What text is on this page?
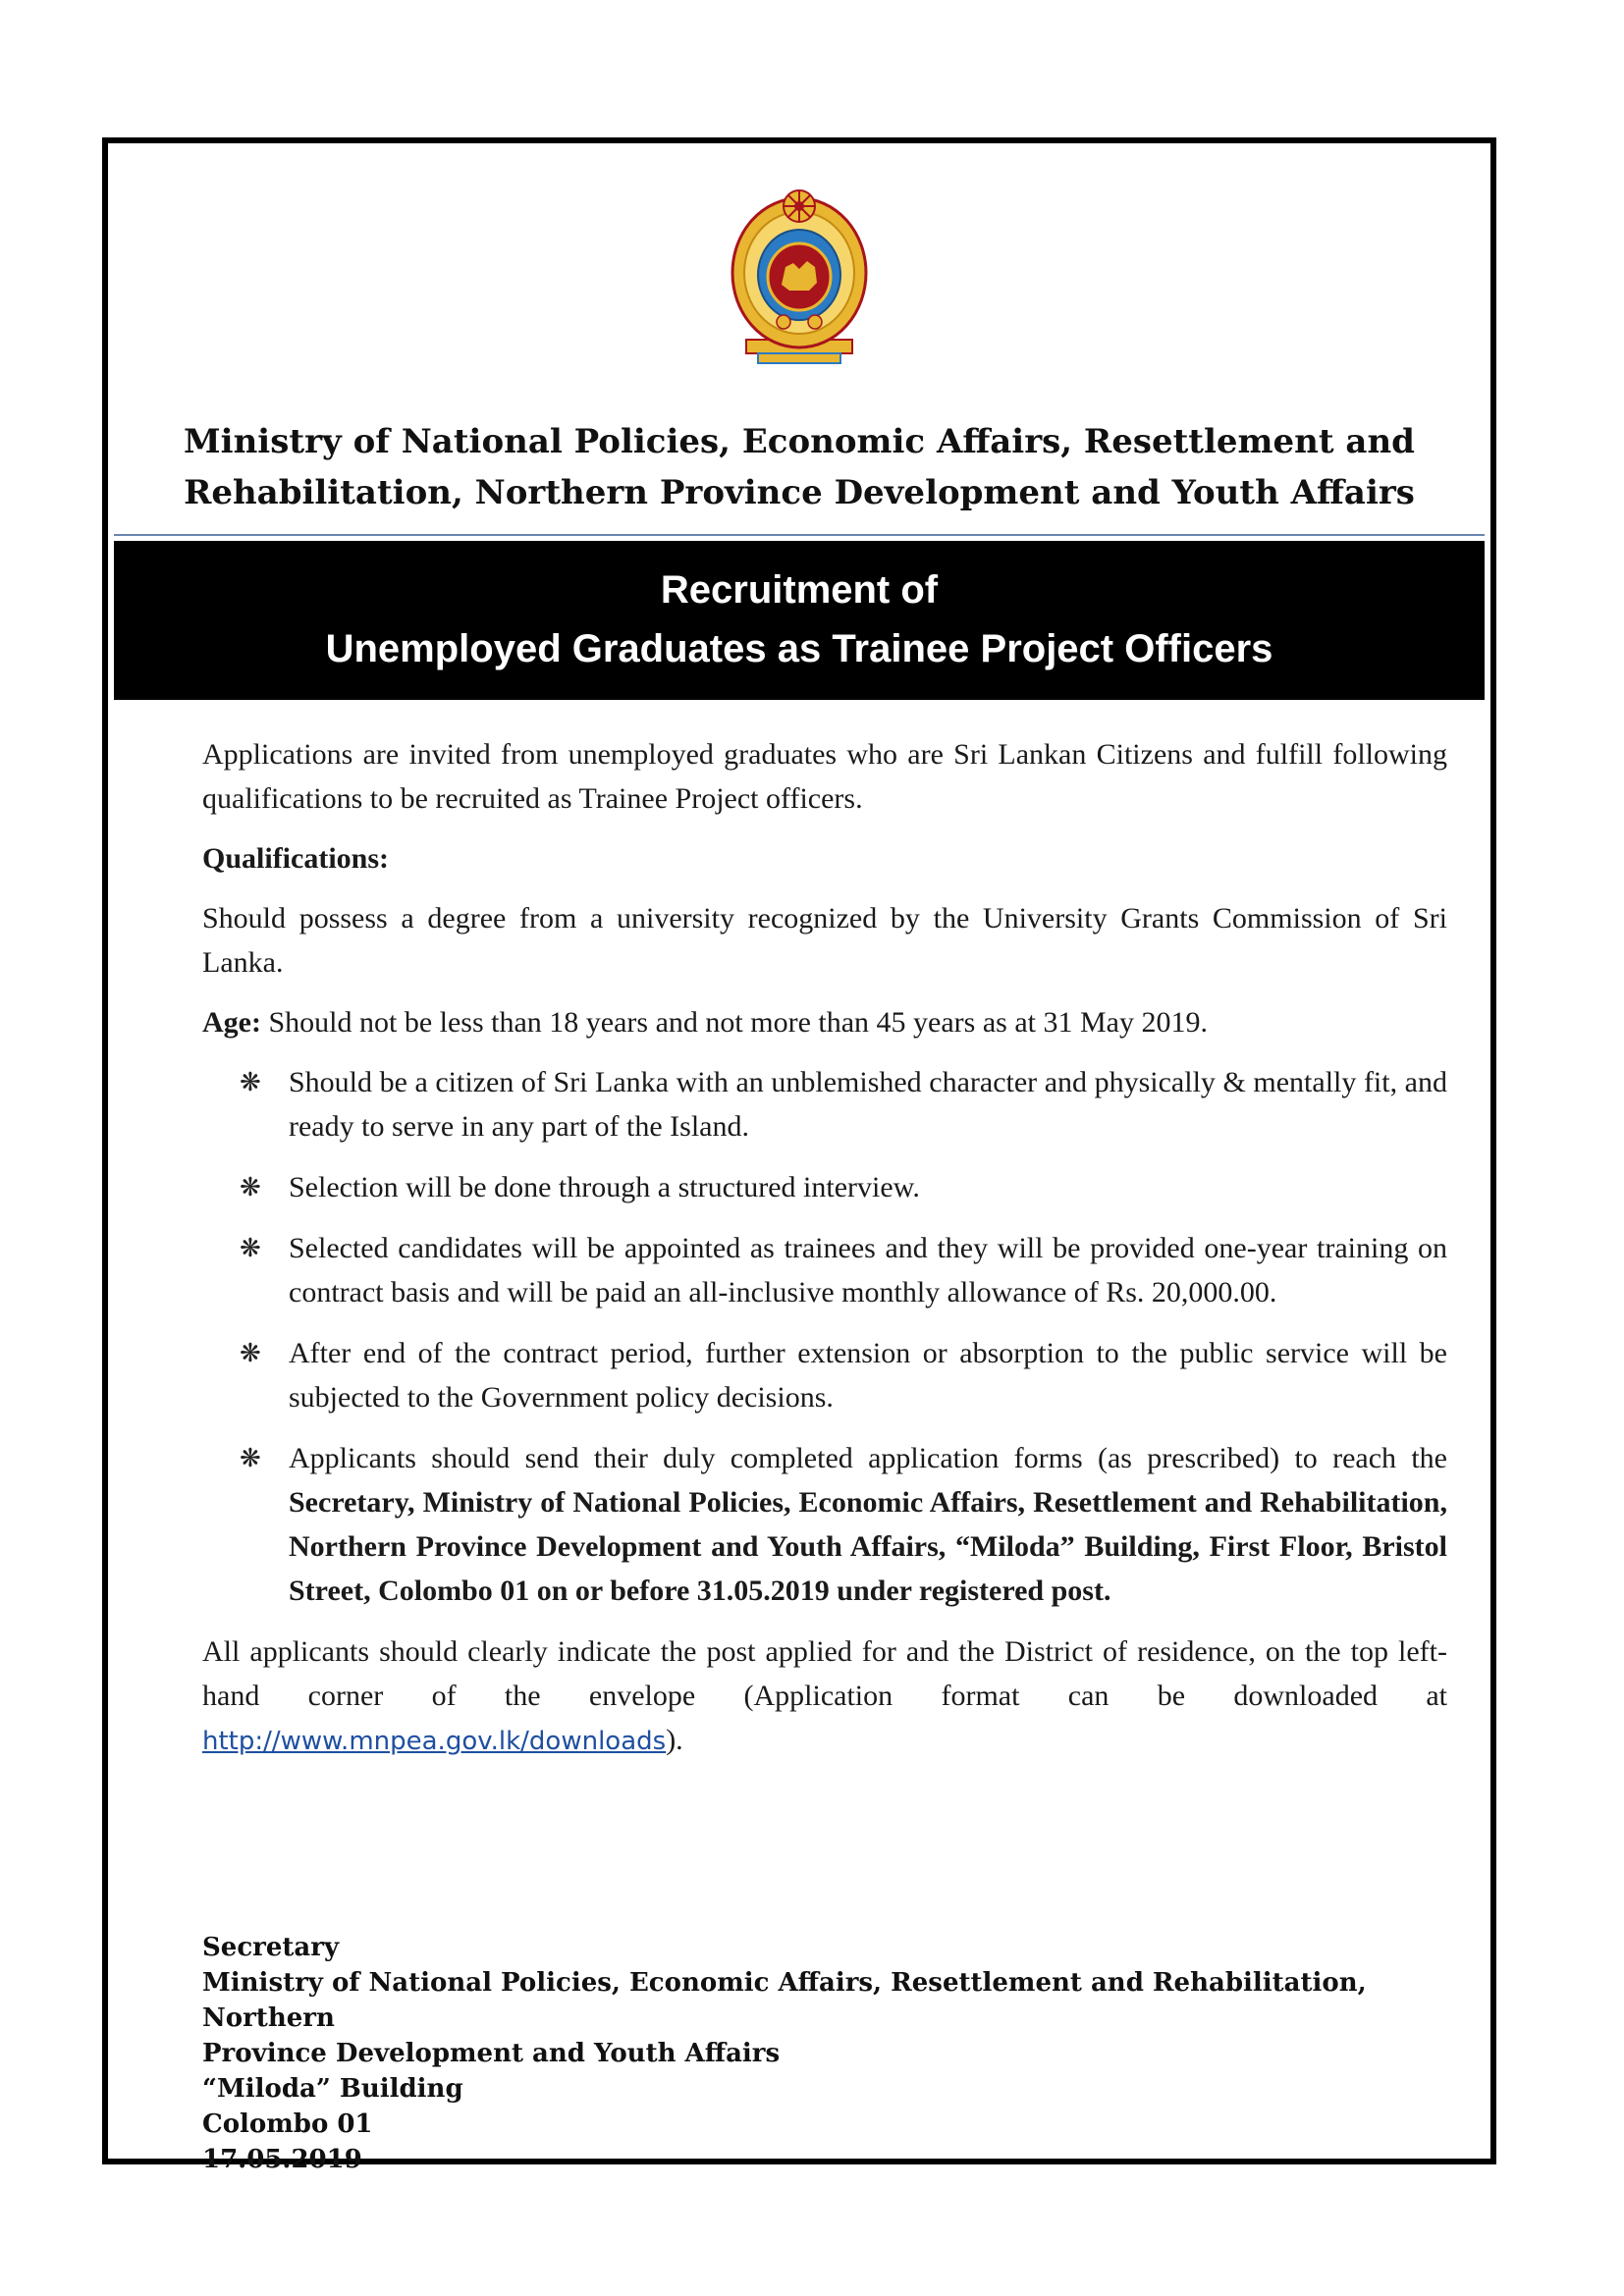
Ministry of National Policies, Economic Affairs, Resettlement and
Rehabilitation, Northern Province Development and Youth Affairs
Recruitment of
Unemployed Graduates as Trainee Project Officers

Applications are invited from unemployed graduates who are Sri Lankan Citizens and fulfill following qualifications to be recruited as Trainee Project officers.

Qualifications:

Should possess a degree from a university recognized by the University Grants Commission of Sri Lanka.

Age: Should not be less than 18 years and not more than 45 years as at 31 May 2019.

❋ Should be a citizen of Sri Lanka with an unblemished character and physically & mentally fit, and ready to serve in any part of the Island.
❋ Selection will be done through a structured interview.
❋ Selected candidates will be appointed as trainees and they will be provided one-year training on contract basis and will be paid an all-inclusive monthly allowance of Rs. 20,000.00.
❋ After end of the contract period, further extension or absorption to the public service will be subjected to the Government policy decisions.
❋ Applicants should send their duly completed application forms (as prescribed) to reach the Secretary, Ministry of National Policies, Economic Affairs, Resettlement and Rehabilitation, Northern Province Development and Youth Affairs, “Miloda” Building, First Floor, Bristol Street, Colombo 01 on or before 31.05.2019 under registered post.

All applicants should clearly indicate the post applied for and the District of residence, on the top left-hand corner of the envelope (Application format can be downloaded at http://www.mnpea.gov.lk/downloads).

Secretary
Ministry of National Policies, Economic Affairs, Resettlement and Rehabilitation, Northern
Province Development and Youth Affairs
“Miloda” Building
Colombo 01
17.05.2019
